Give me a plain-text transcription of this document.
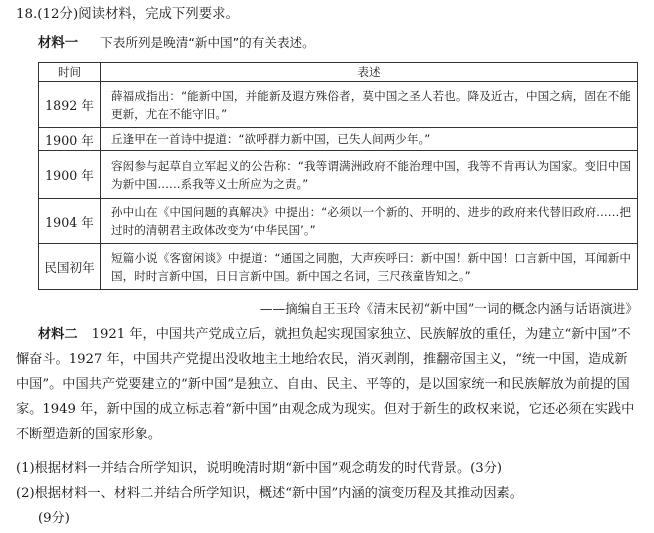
18.(12分)阅读材料，完成下列要求。
材料一 下表所列是晚清“新中国”的有关表述。
时间	表述
1892 年	薛福成指出：“能新中国，并能新及遐方殊俗者，莫中国之圣人若也。降及近古，中国之病，固在不能更新，尤在不能守旧。”
1900 年	丘逢甲在一首诗中提道：“欲呼群力新中国，已失人间两少年。”
1900 年	容闳参与起草自立军起义的公告称：“我等谓满洲政府不能治理中国，我等不肯再认为国家。变旧中国为新中国……系我等义士所应为之责。”
1904 年	孙中山在《中国问题的真解决》中提出：“必须以一个新的、开明的、进步的政府来代替旧政府……把过时的清朝君主政体改变为‘中华民国’。”
民国初年	短篇小说《客窗闲谈》中提道：“通国之同胞，大声疾呼曰：新中国！新中国！口言新中国，耳闻新中国，时时言新中国，日日言新中国。新中国之名词，三尺孩童皆知之。”
——摘编自王玉玲《清末民初“新中国”一词的概念内涵与话语演进》
材料二 1921 年，中国共产党成立后，就担负起实现国家独立、民族解放的重任，为建立“新中国”不懈奋斗。1927 年，中国共产党提出没收地主土地给农民，消灭剥削，推翻帝国主义，“统一中国，造成新中国”。中国共产党要建立的“新中国”是独立、自由、民主、平等的，是以国家统一和民族解放为前提的国家。1949 年，新中国的成立标志着“新中国”由观念成为现实。但对于新生的政权来说，它还必须在实践中不断塑造新的国家形象。
(1)根据材料一并结合所学知识，说明晚清时期“新中国”观念萌发的时代背景。(3分)
(2)根据材料一、材料二并结合所学知识，概述“新中国”内涵的演变历程及其推动因素。
(9分)
